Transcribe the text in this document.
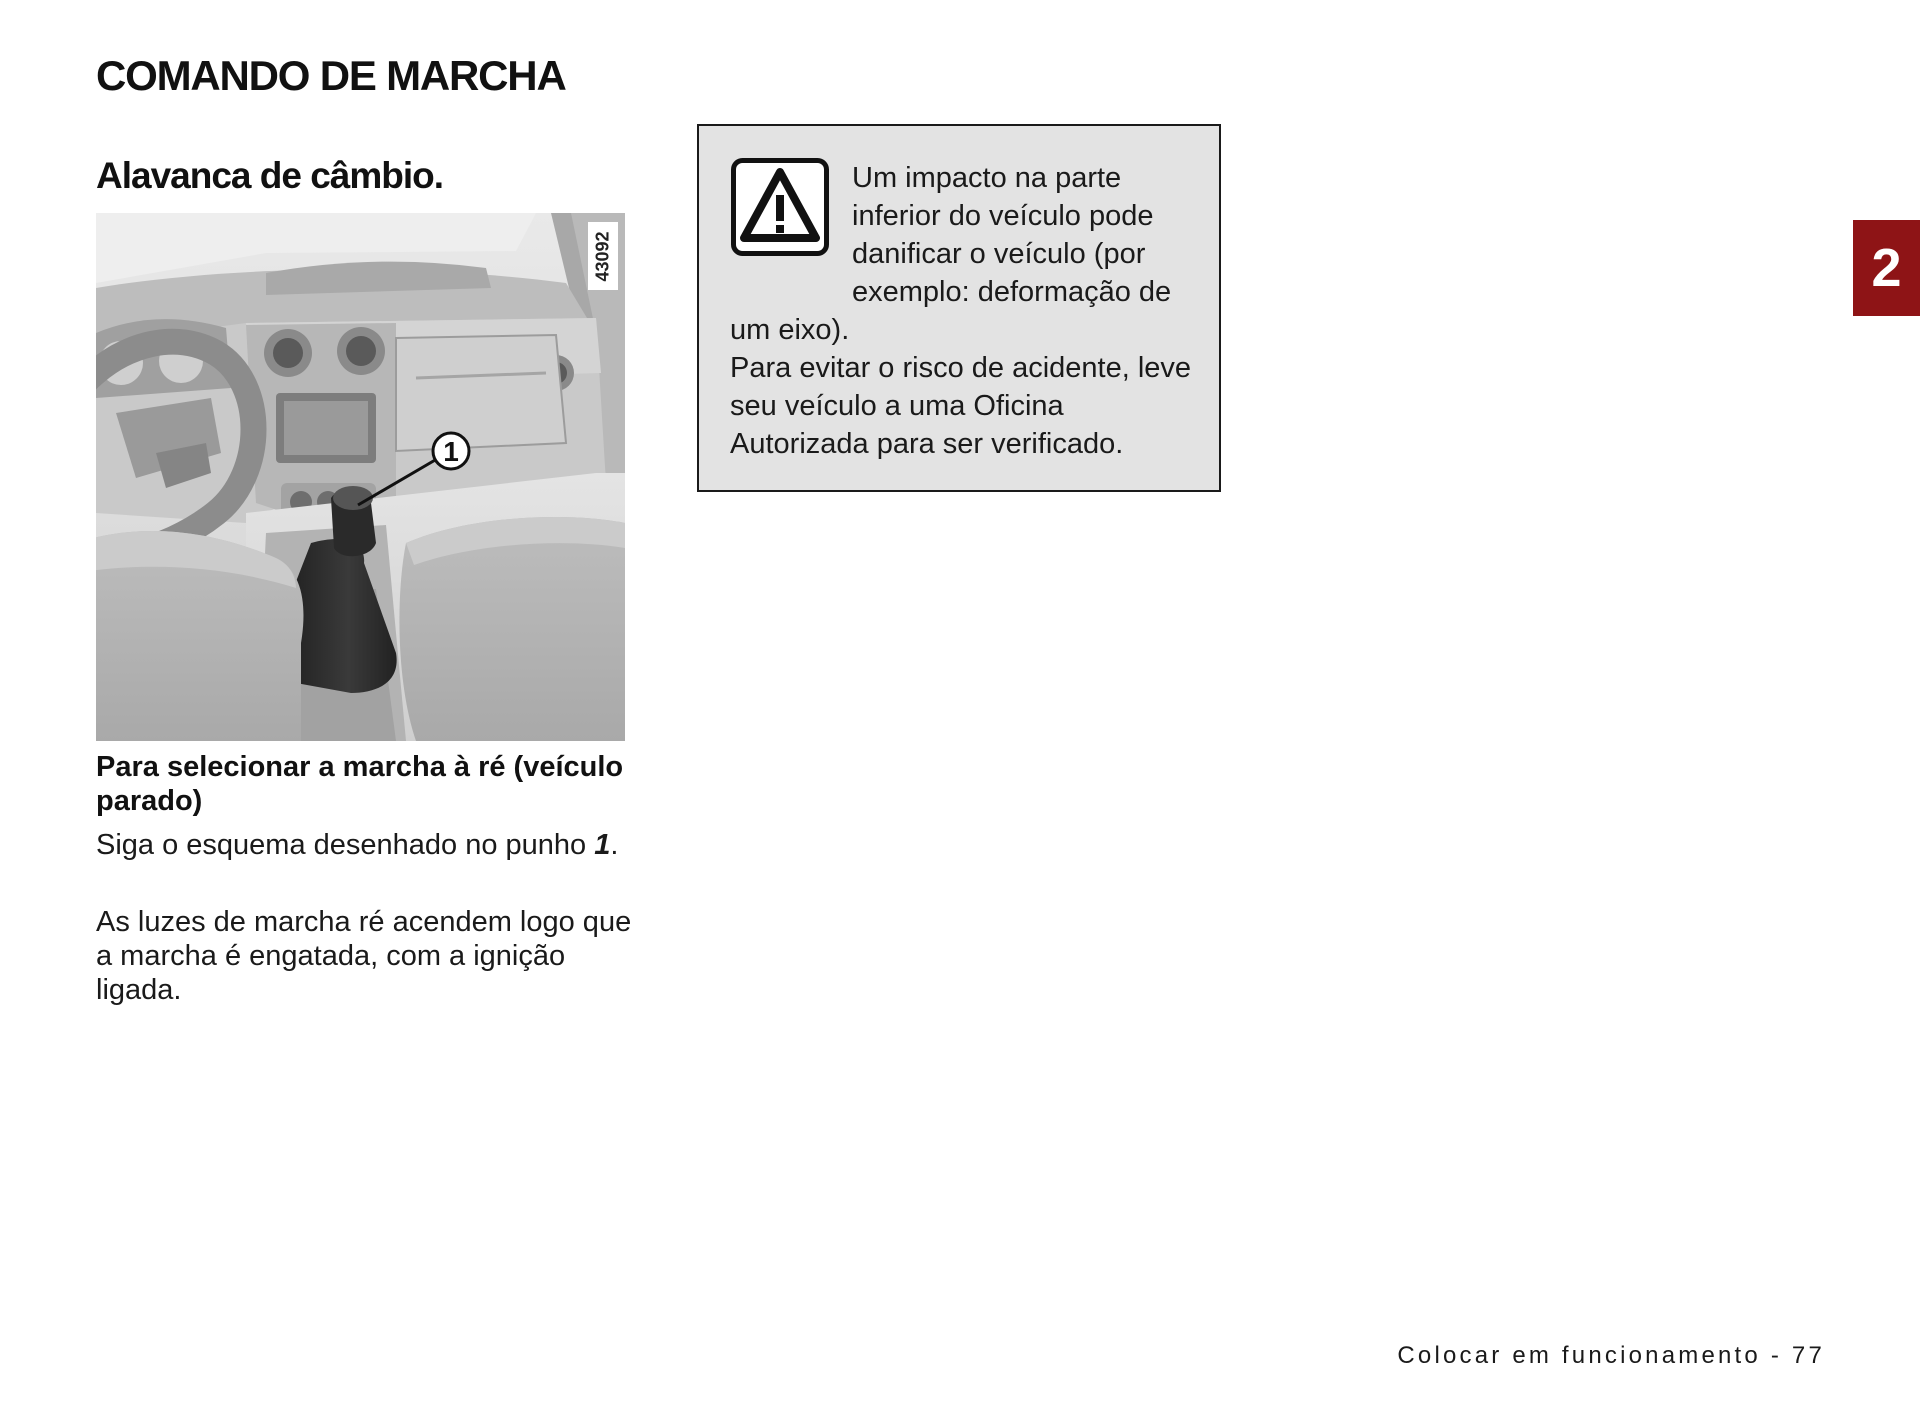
COMANDO DE MARCHA
Alavanca de câmbio.
1
43092

Para selecionar a marcha à ré (veículo parado)

Siga o esquema desenhado no punho 1.

As luzes de marcha ré acendem logo que a marcha é engatada, com a ignição ligada.

Um impacto na parte inferior do veículo pode danificar o veículo (por exemplo: deformação de um eixo).
Para evitar o risco de acidente, leve seu veículo a uma Oficina Autorizada para ser verificado.

2
Colocar em funcionamento - 77
